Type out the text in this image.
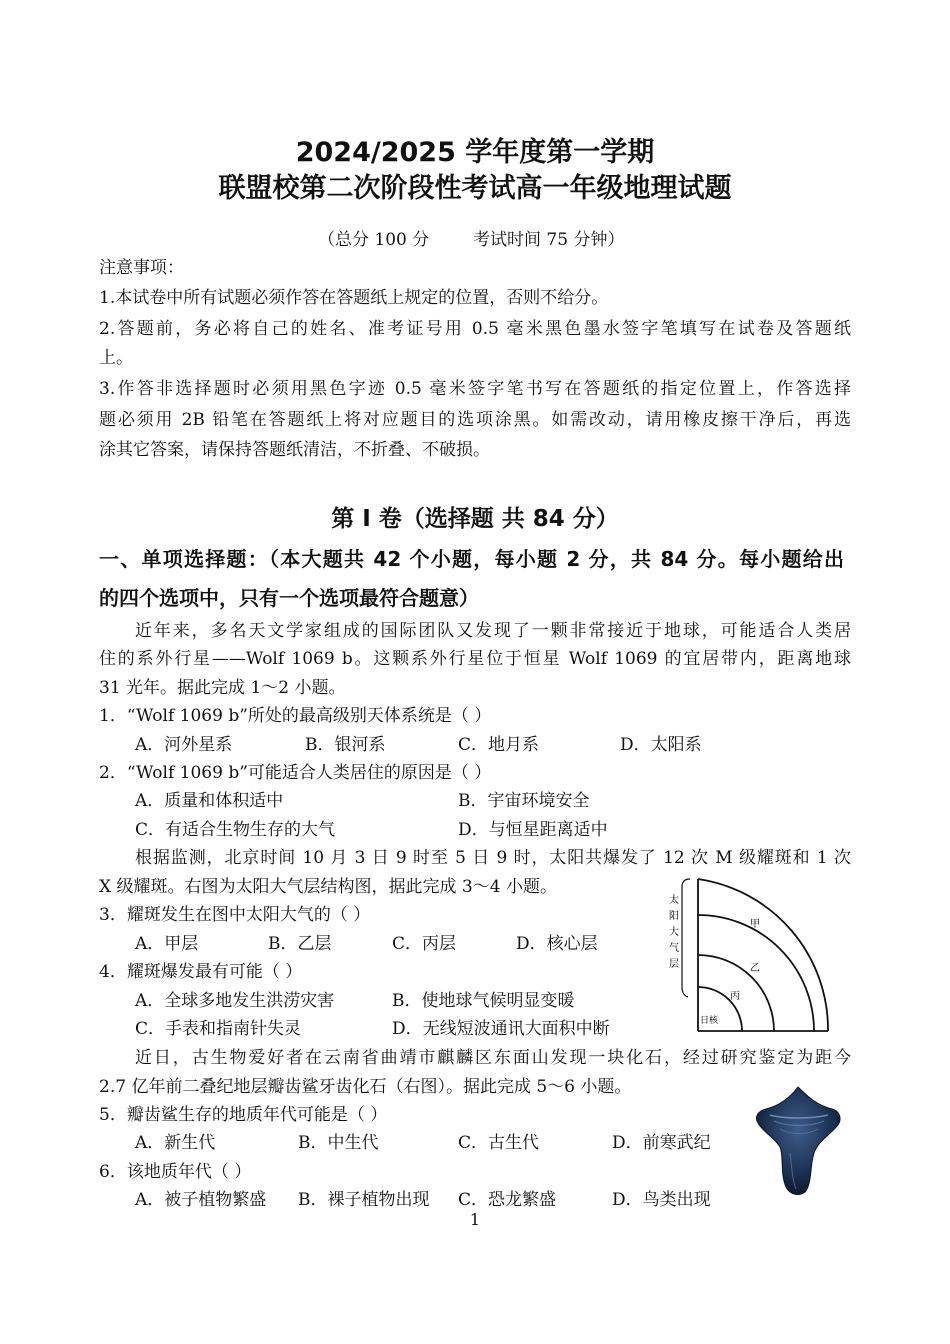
2024/2025 学年度第一学期
联盟校第二次阶段性考试高一年级地理试题
（总分 100 分	考试时间 75 分钟）
注意事项：
1.本试卷中所有试题必须作答在答题纸上规定的位置，否则不给分。
2.答题前，务必将自己的姓名、准考证号用 0.5 毫米黑色墨水签字笔填写在试卷及答题纸
上。
3.作答非选择题时必须用黑色字迹 0.5 毫米签字笔书写在答题纸的指定位置上，作答选择
题必须用 2B 铅笔在答题纸上将对应题目的选项涂黑。如需改动，请用橡皮擦干净后，再选
涂其它答案，请保持答题纸清洁，不折叠、不破损。
第 I 卷（选择题 共 84 分）
一、单项选择题：（本大题共 42 个小题，每小题 2 分，共 84 分。每小题给出
的四个选项中，只有一个选项最符合题意）
近年来，多名天文学家组成的国际团队又发现了一颗非常接近于地球，可能适合人类居
住的系外行星——Wolf 1069 b。这颗系外行星位于恒星 Wolf 1069 的宜居带内，距离地球
31 光年。据此完成 1～2 小题。
1．“Wolf 1069 b”所处的最高级别天体系统是（ ）
A．河外星系	B．银河系	C．地月系	D．太阳系
2．“Wolf 1069 b”可能适合人类居住的原因是（ ）
A．质量和体积适中	B．宇宙环境安全
C．有适合生物生存的大气	D．与恒星距离适中
根据监测，北京时间 10 月 3 日 9 时至 5 日 9 时，太阳共爆发了 12 次 M 级耀斑和 1 次
X 级耀斑。右图为太阳大气层结构图，据此完成 3～4 小题。
3．耀斑发生在图中太阳大气的（ ）
A．甲层	B．乙层	C．丙层	D．核心层
4．耀斑爆发最有可能（ ）
A．全球多地发生洪涝灾害	B．使地球气候明显变暖
C．手表和指南针失灵	D．无线短波通讯大面积中断
太
阳
大
气
层
甲
乙
丙
日核
近日，古生物爱好者在云南省曲靖市麒麟区东面山发现一块化石，经过研究鉴定为距今
2.7 亿年前二叠纪地层瓣齿鲨牙齿化石（右图）。据此完成 5～6 小题。
5．瓣齿鲨生存的地质年代可能是（ ）
A．新生代	B．中生代	C．古生代	D．前寒武纪
6．该地质年代（ ）
A．被子植物繁盛 B．裸子植物出现 C．恐龙繁盛	D．鸟类出现
1
